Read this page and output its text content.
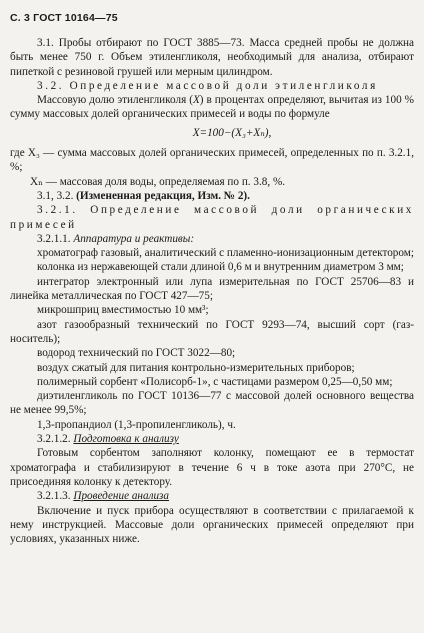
С. 3 ГОСТ 10164—75

3.1. Пробы отбирают по ГОСТ 3885—73. Масса средней пробы не должна быть менее 750 г. Объем этиленгликоля, необходимый для анализа, отбирают пипеткой с резиновой грушей или мерным цилиндром.

3.2. Определение массовой доли этиленгликоля

Массовую долю этиленгликоля (X) в процентах определяют, вычитая из 100 % сумму массовых долей органических примесей и воды по формуле

X=100−(X₃+Xₙ),

где X₃ — сумма массовых долей органических примесей, определенных по п. 3.2.1, %;

Xₙ — массовая доля воды, определяемая по п. 3.8, %.

3.1, 3.2. (Измененная редакция, Изм. № 2).

3.2.1. Определение массовой доли органических примесей

3.2.1.1. Аппаратура и реактивы:

хроматограф газовый, аналитический с пламенно-ионизационным детектором;

колонка из нержавеющей стали длиной 0,6 м и внутренним диаметром 3 мм;

интегратор электронный или лупа измерительная по ГОСТ 25706—83 и линейка металлическая по ГОСТ 427—75;

микрошприц вместимостью 10 мм³;

азот газообразный технический по ГОСТ 9293—74, высший сорт (газ-носитель);

водород технический по ГОСТ 3022—80;

воздух сжатый для питания контрольно-измерительных приборов;

полимерный сорбент «Полисорб-1», с частицами размером 0,25—0,50 мм;

диэтиленгликоль по ГОСТ 10136—77 с массовой долей основного вещества не менее 99,5%;

1,3-пропандиол (1,3-пропиленгликоль), ч.

3.2.1.2. Подготовка к анализу

Готовым сорбентом заполняют колонку, помещают ее в термостат хроматографа и стабилизируют в течение 6 ч в токе азота при 270°С, не присоединяя колонку к детектору.

3.2.1.3. Проведение анализа

Включение и пуск прибора осуществляют в соответствии с прилагаемой к нему инструкцией. Массовые доли органических примесей определяют при условиях, указанных ниже.
